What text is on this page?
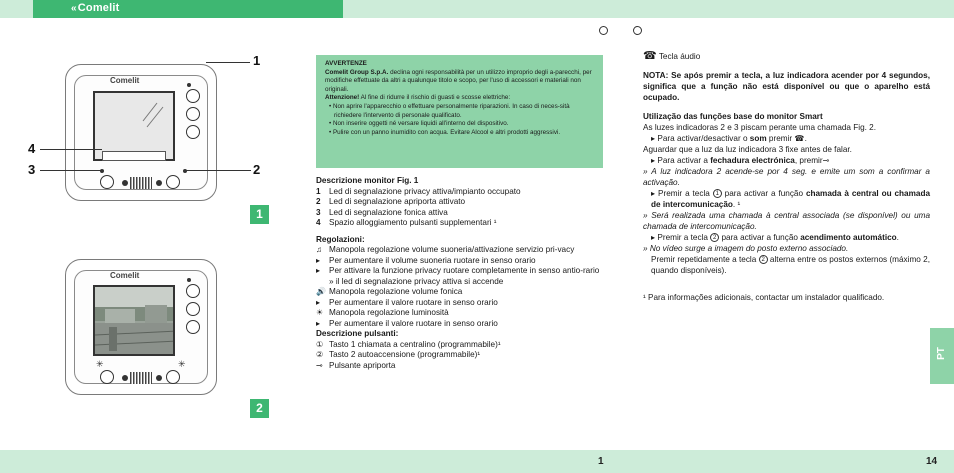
«Comelit
Comelit
1
4
3	2
1
Comelit
✳	✳
2
AVVERTENZE
Comelit Group S.p.A. declina ogni responsabilità per un utilizzo improprio degli a-parecchi, per modifiche effettuate da altri a qualunque titolo e scopo, per l'uso di accessori e materiali non originali.
Attenzione! Al fine di ridurre il rischio di guasti e scosse elettriche:
• Non aprire l'apparecchio o effettuare personalmente riparazioni. In caso di neces-sità richiedere l'intervento di personale qualificato.
• Non inserire oggetti né versare liquidi all'interno del dispositivo.
• Pulire con un panno inumidito con acqua. Evitare Alcool e altri prodotti aggressivi.
Descrizione monitor Fig. 1
1	Led di segnalazione privacy attiva/impianto occupato
2	Led di segnalazione apriporta attivato
3	Led di segnalazione fonica attiva
4	Spazio alloggiamento pulsanti supplementari ¹
Regolazioni:
♫ Manopola regolazione volume suoneria/attivazione servizio pri-vacy
▸	Per aumentare il volume suoneria ruotare in senso orario
▸	Per attivare la funzione privacy ruotare completamente in senso antio-rario
» il led di segnalazione privacy attiva si accende
🔊 Manopola regolazione volume fonica
▸	Per aumentare il valore ruotare in senso orario
☀ Manopola regolazione luminosità
▸	Per aumentare il valore ruotare in senso orario
Descrizione pulsanti:
① Tasto 1 chiamata a centralino (programmabile)¹
② Tasto 2 autoaccensione (programmabile)¹
⊸ Pulsante apriporta
☎ Tecla áudio
NOTA: Se após premir a tecla, a luz indicadora acender por 4 segundos, significa que a função não está disponível ou que o aparelho está ocupado.
Utilização das funções base do monitor Smart
As luzes indicadoras 2 e 3 piscam perante uma chamada Fig. 2.
▸ Para activar/desactivar o som premir ☎.
Aguardar que a luz da luz indicadora 3 fixe antes de falar.
▸ Para activar a fechadura electrónica, premir⊸
» A luz indicadora 2 acende-se por 4 seg. e emite um som a confirmar a activação.
▸ Premir a tecla 1 para activar a função chamada à central ou chamada de intercomunicação. ¹
» Será realizada uma chamada à central associada (se disponível) ou uma chamada de intercomunicação.
▸ Premir a tecla 2 para activar a função acendimento automático.
» No vídeo surge a imagem do posto externo associado.
Premir repetidamente a tecla 2 alterna entre os postos externos (máximo 2, quando disponíveis).
¹ Para informações adicionais, contactar um instalador qualificado.
PT
1	14
